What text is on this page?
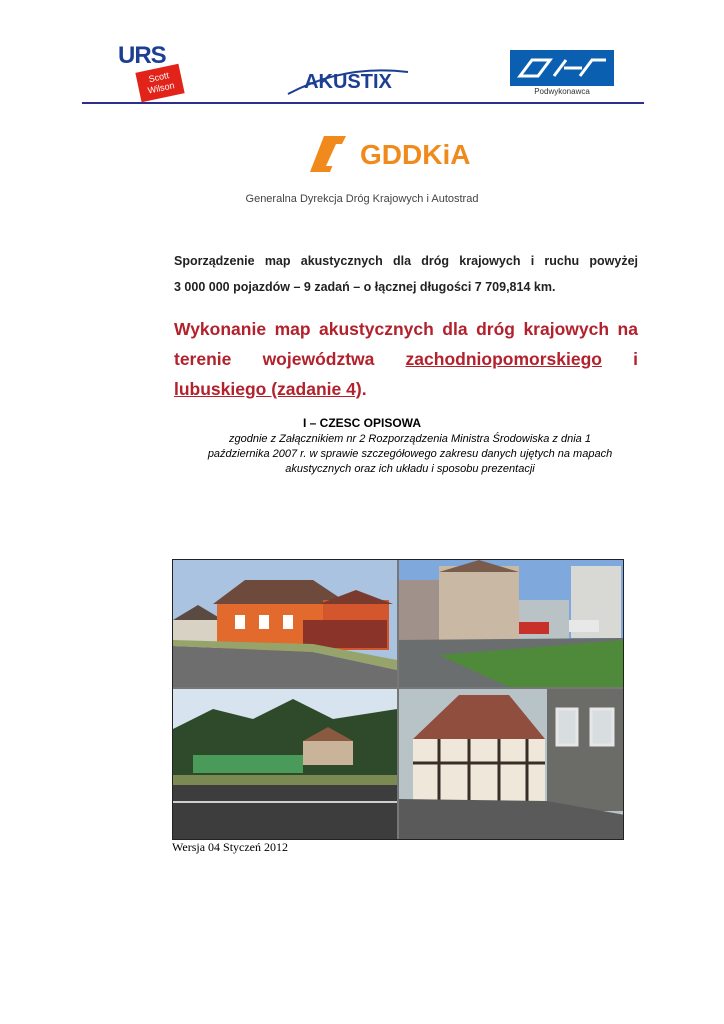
URS
Scott
Wilson	AKUSTIX	Podwykonawca
GDDKiA
Generalna Dyrekcja Dróg Krajowych i Autostrad
Sporządzenie map akustycznych dla dróg krajowych i ruchu powyżej
3 000 000 pojazdów – 9 zadań – o łącznej długości 7 709,814 km.
Wykonanie map akustycznych dla dróg krajowych na
terenie województwa zachodniopomorskiego i
lubuskiego (zadanie 4).
I – CZESC OPISOWA
zgodnie z Załącznikiem nr 2 Rozporządzenia Ministra Środowiska z dnia 1
października 2007 r. w sprawie szczegółowego zakresu danych ujętych na mapach
akustycznych oraz ich układu i sposobu prezentacji
Wersja 04 Styczeń 2012
